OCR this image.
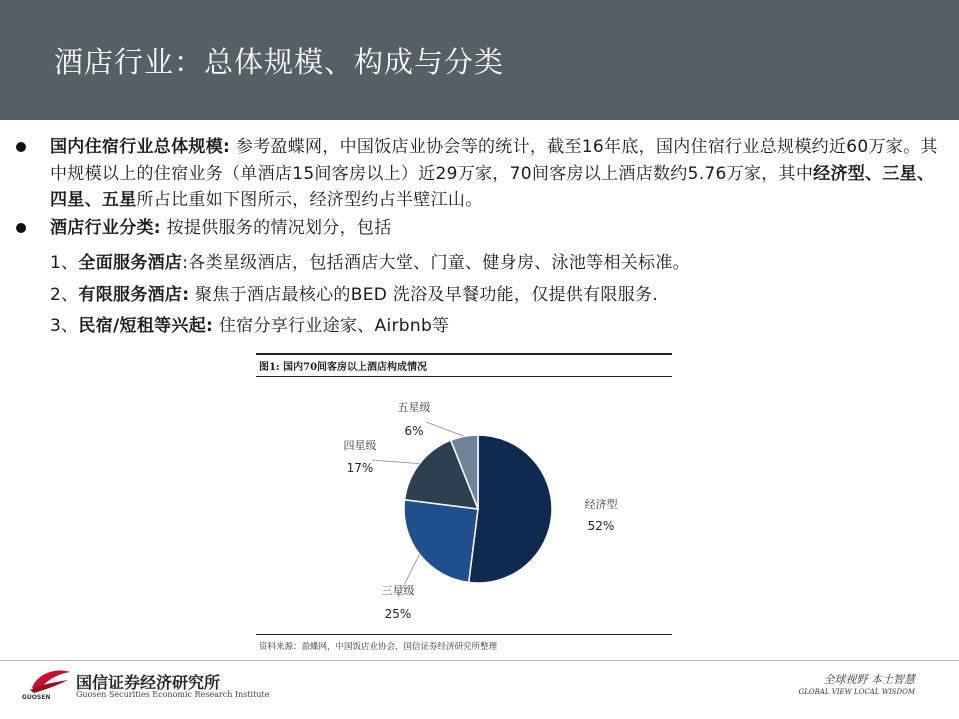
酒店行业：总体规模、构成与分类
国内住宿行业总体规模: 参考盈蝶网，中国饭店业协会等的统计，截至16年底，国内住宿行业总规模约近60万家。其中规模以上的住宿业务（单酒店15间客房以上）近29万家，70间客房以上酒店数约5.76万家，其中经济型、三星、四星、五星所占比重如下图所示，经济型约占半壁江山。
酒店行业分类: 按提供服务的情况划分，包括
1、全面服务酒店:各类星级酒店，包括酒店大堂、门童、健身房、泳池等相关标准。
2、有限服务酒店: 聚焦于酒店最核心的BED 洗浴及早餐功能，仅提供有限服务.
3、民宿/短租等兴起: 住宿分享行业途家、Airbnb等
图1: 国内70间客房以上酒店构成情况
经济型
52%
三星级
25%
四星级
17%
五星级
6%
资料来源：盈蝶网，中国饭店业协会，国信证券经济研究所整理
GUOSEN
国信证券经济研究所
Guosen Securities Economic Research Institute
全球视野 本土智慧
GLOBAL VIEW LOCAL WISDOM
